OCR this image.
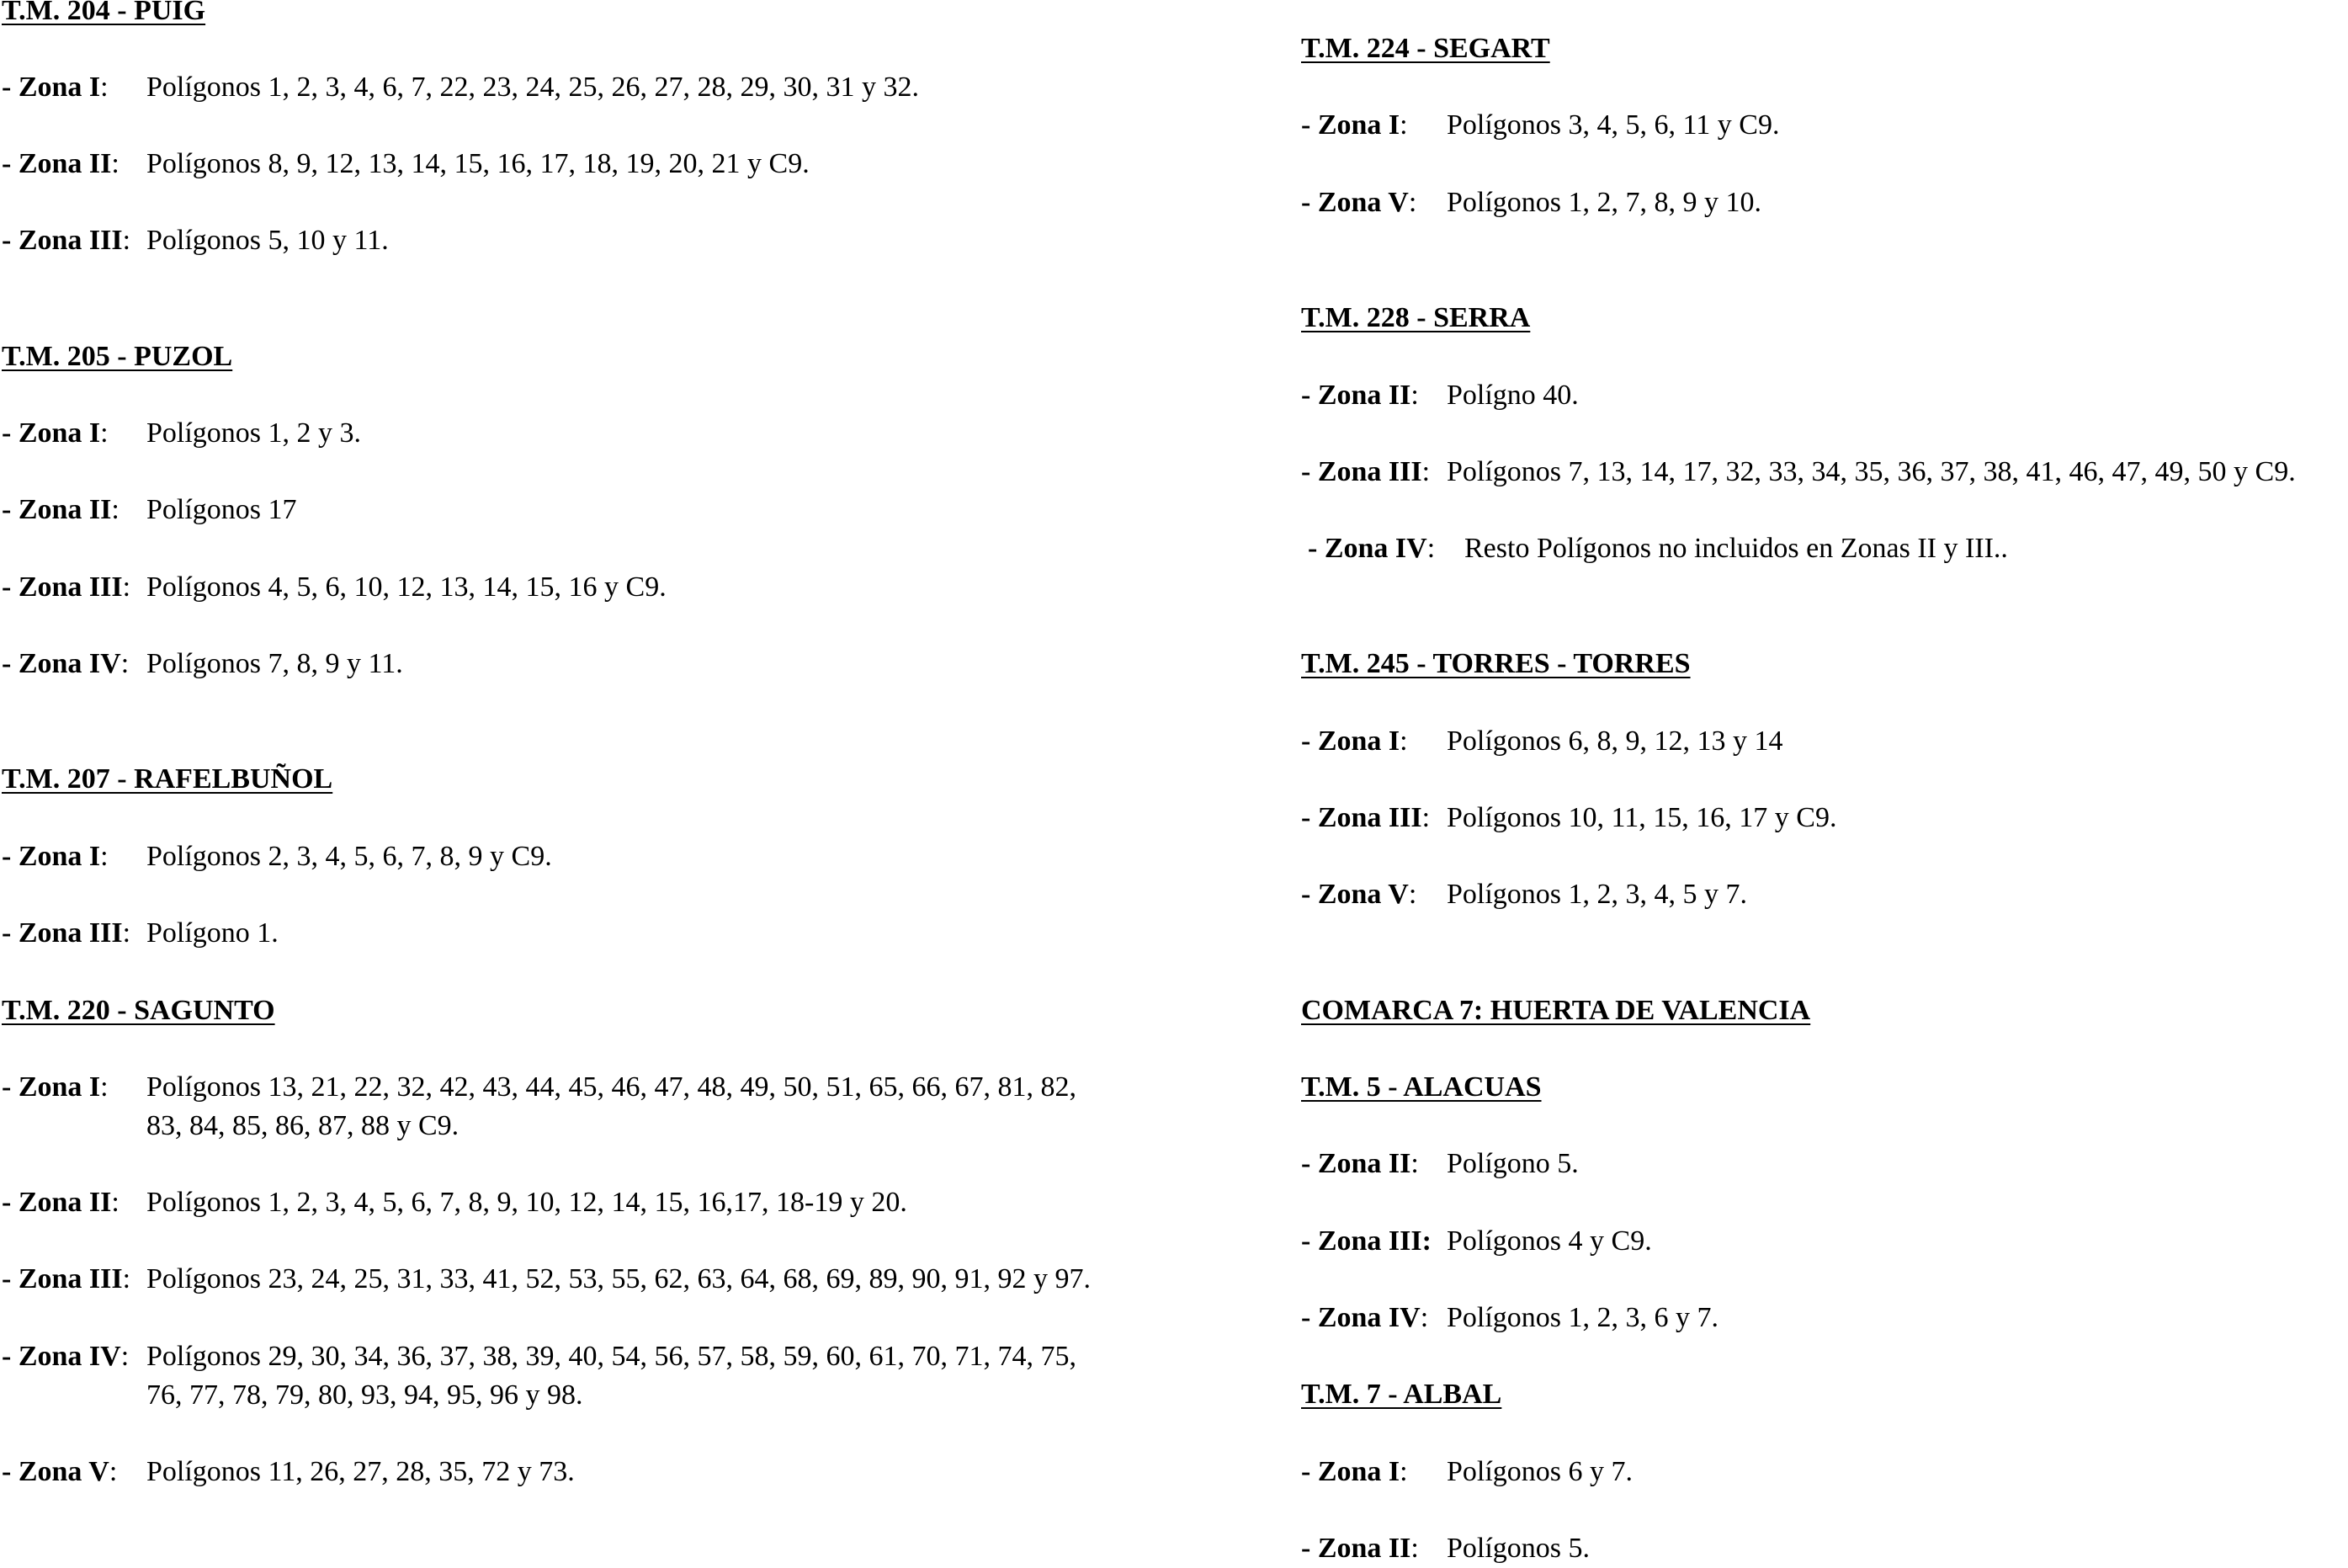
T.M. 204 - PUIG
- Zona I:	Polígonos 1, 2, 3, 4, 6, 7, 22, 23, 24, 25, 26, 27, 28, 29, 30, 31 y 32.
- Zona II: Polígonos 8, 9, 12, 13, 14, 15, 16, 17, 18, 19, 20, 21 y C9.
- Zona III: Polígonos 5, 10 y 11.
T.M. 205 - PUZOL
- Zona I:	Polígonos 1, 2 y 3.
- Zona II: Polígonos 17
- Zona III: Polígonos 4, 5, 6, 10, 12, 13, 14, 15, 16 y C9.
- Zona IV: Polígonos 7, 8, 9 y 11.
T.M. 207 - RAFELBUÑOL
- Zona I:	Polígonos 2, 3, 4, 5, 6, 7, 8, 9 y C9.
- Zona III: Polígono 1.
T.M. 220 - SAGUNTO
- Zona I:	Polígonos 13, 21, 22, 32, 42, 43, 44, 45, 46, 47, 48, 49, 50, 51, 65, 66, 67, 81, 82,
83, 84, 85, 86, 87, 88 y C9.
- Zona II: Polígonos 1, 2, 3, 4, 5, 6, 7, 8, 9, 10, 12, 14, 15, 16,17, 18-19 y 20.
- Zona III: Polígonos 23, 24, 25, 31, 33, 41, 52, 53, 55, 62, 63, 64, 68, 69, 89, 90, 91, 92 y 97.
- Zona IV: Polígonos 29, 30, 34, 36, 37, 38, 39, 40, 54, 56, 57, 58, 59, 60, 61, 70, 71, 74, 75,
76, 77, 78, 79, 80, 93, 94, 95, 96 y 98.
- Zona V:	Polígonos 11, 26, 27, 28, 35, 72 y 73.
T.M. 224 - SEGART
- Zona I:	Polígonos 3, 4, 5, 6, 11 y C9.
- Zona V:	Polígonos 1, 2, 7, 8, 9 y 10.
T.M. 228 - SERRA
- Zona II: Polígno 40.
- Zona III: Polígonos 7, 13, 14, 17, 32, 33, 34, 35, 36, 37, 38, 41, 46, 47, 49, 50 y C9.
- Zona IV:	Resto Polígonos no incluidos en Zonas II y III..
T.M. 245 - TORRES - TORRES
- Zona I:	Polígonos 6, 8, 9, 12, 13 y 14
- Zona III: Polígonos 10, 11, 15, 16, 17 y C9.
- Zona V:	Polígonos 1, 2, 3, 4, 5 y 7.
COMARCA 7: HUERTA DE VALENCIA
T.M. 5 - ALACUAS
- Zona II: Polígono 5.
- Zona III: Polígonos 4 y C9.
- Zona IV: Polígonos 1, 2, 3, 6 y 7.
T.M. 7 - ALBAL
- Zona I:	Polígonos 6 y 7.
- Zona II: Polígonos 5.
